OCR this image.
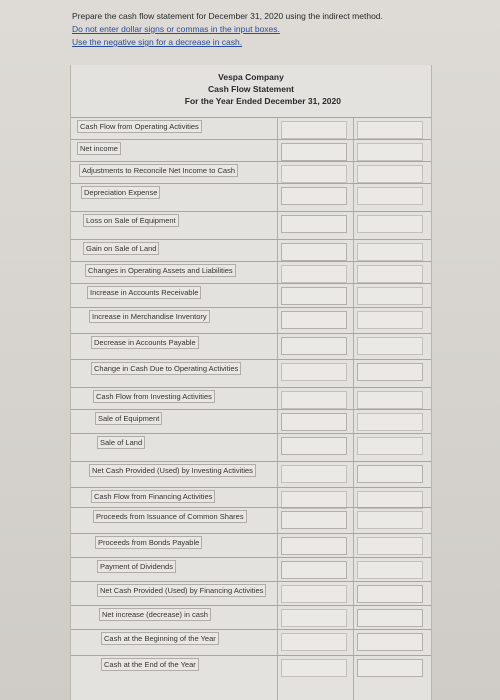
Prepare the cash flow statement for December 31, 2020 using the indirect method.
Do not enter dollar signs or commas in the input boxes.
Use the negative sign for a decrease in cash.
Vespa Company
Cash Flow Statement
For the Year Ended December 31, 2020
Cash Flow from Operating Activities
Net income
Adjustments to Reconcile Net Income to Cash
Depreciation Expense
Loss on Sale of Equipment
Gain on Sale of Land
Changes in Operating Assets and Liabilities
Increase in Accounts Receivable
Increase in Merchandise Inventory
Decrease in Accounts Payable
Change in Cash Due to Operating Activities
Cash Flow from Investing Activities
Sale of Equipment
Sale of Land
Net Cash Provided (Used) by Investing Activities
Cash Flow from Financing Activities
Proceeds from Issuance of Common Shares
Proceeds from Bonds Payable
Payment of Dividends
Net Cash Provided (Used) by Financing Activities
Net increase (decrease) in cash
Cash at the Beginning of the Year
Cash at the End of the Year
